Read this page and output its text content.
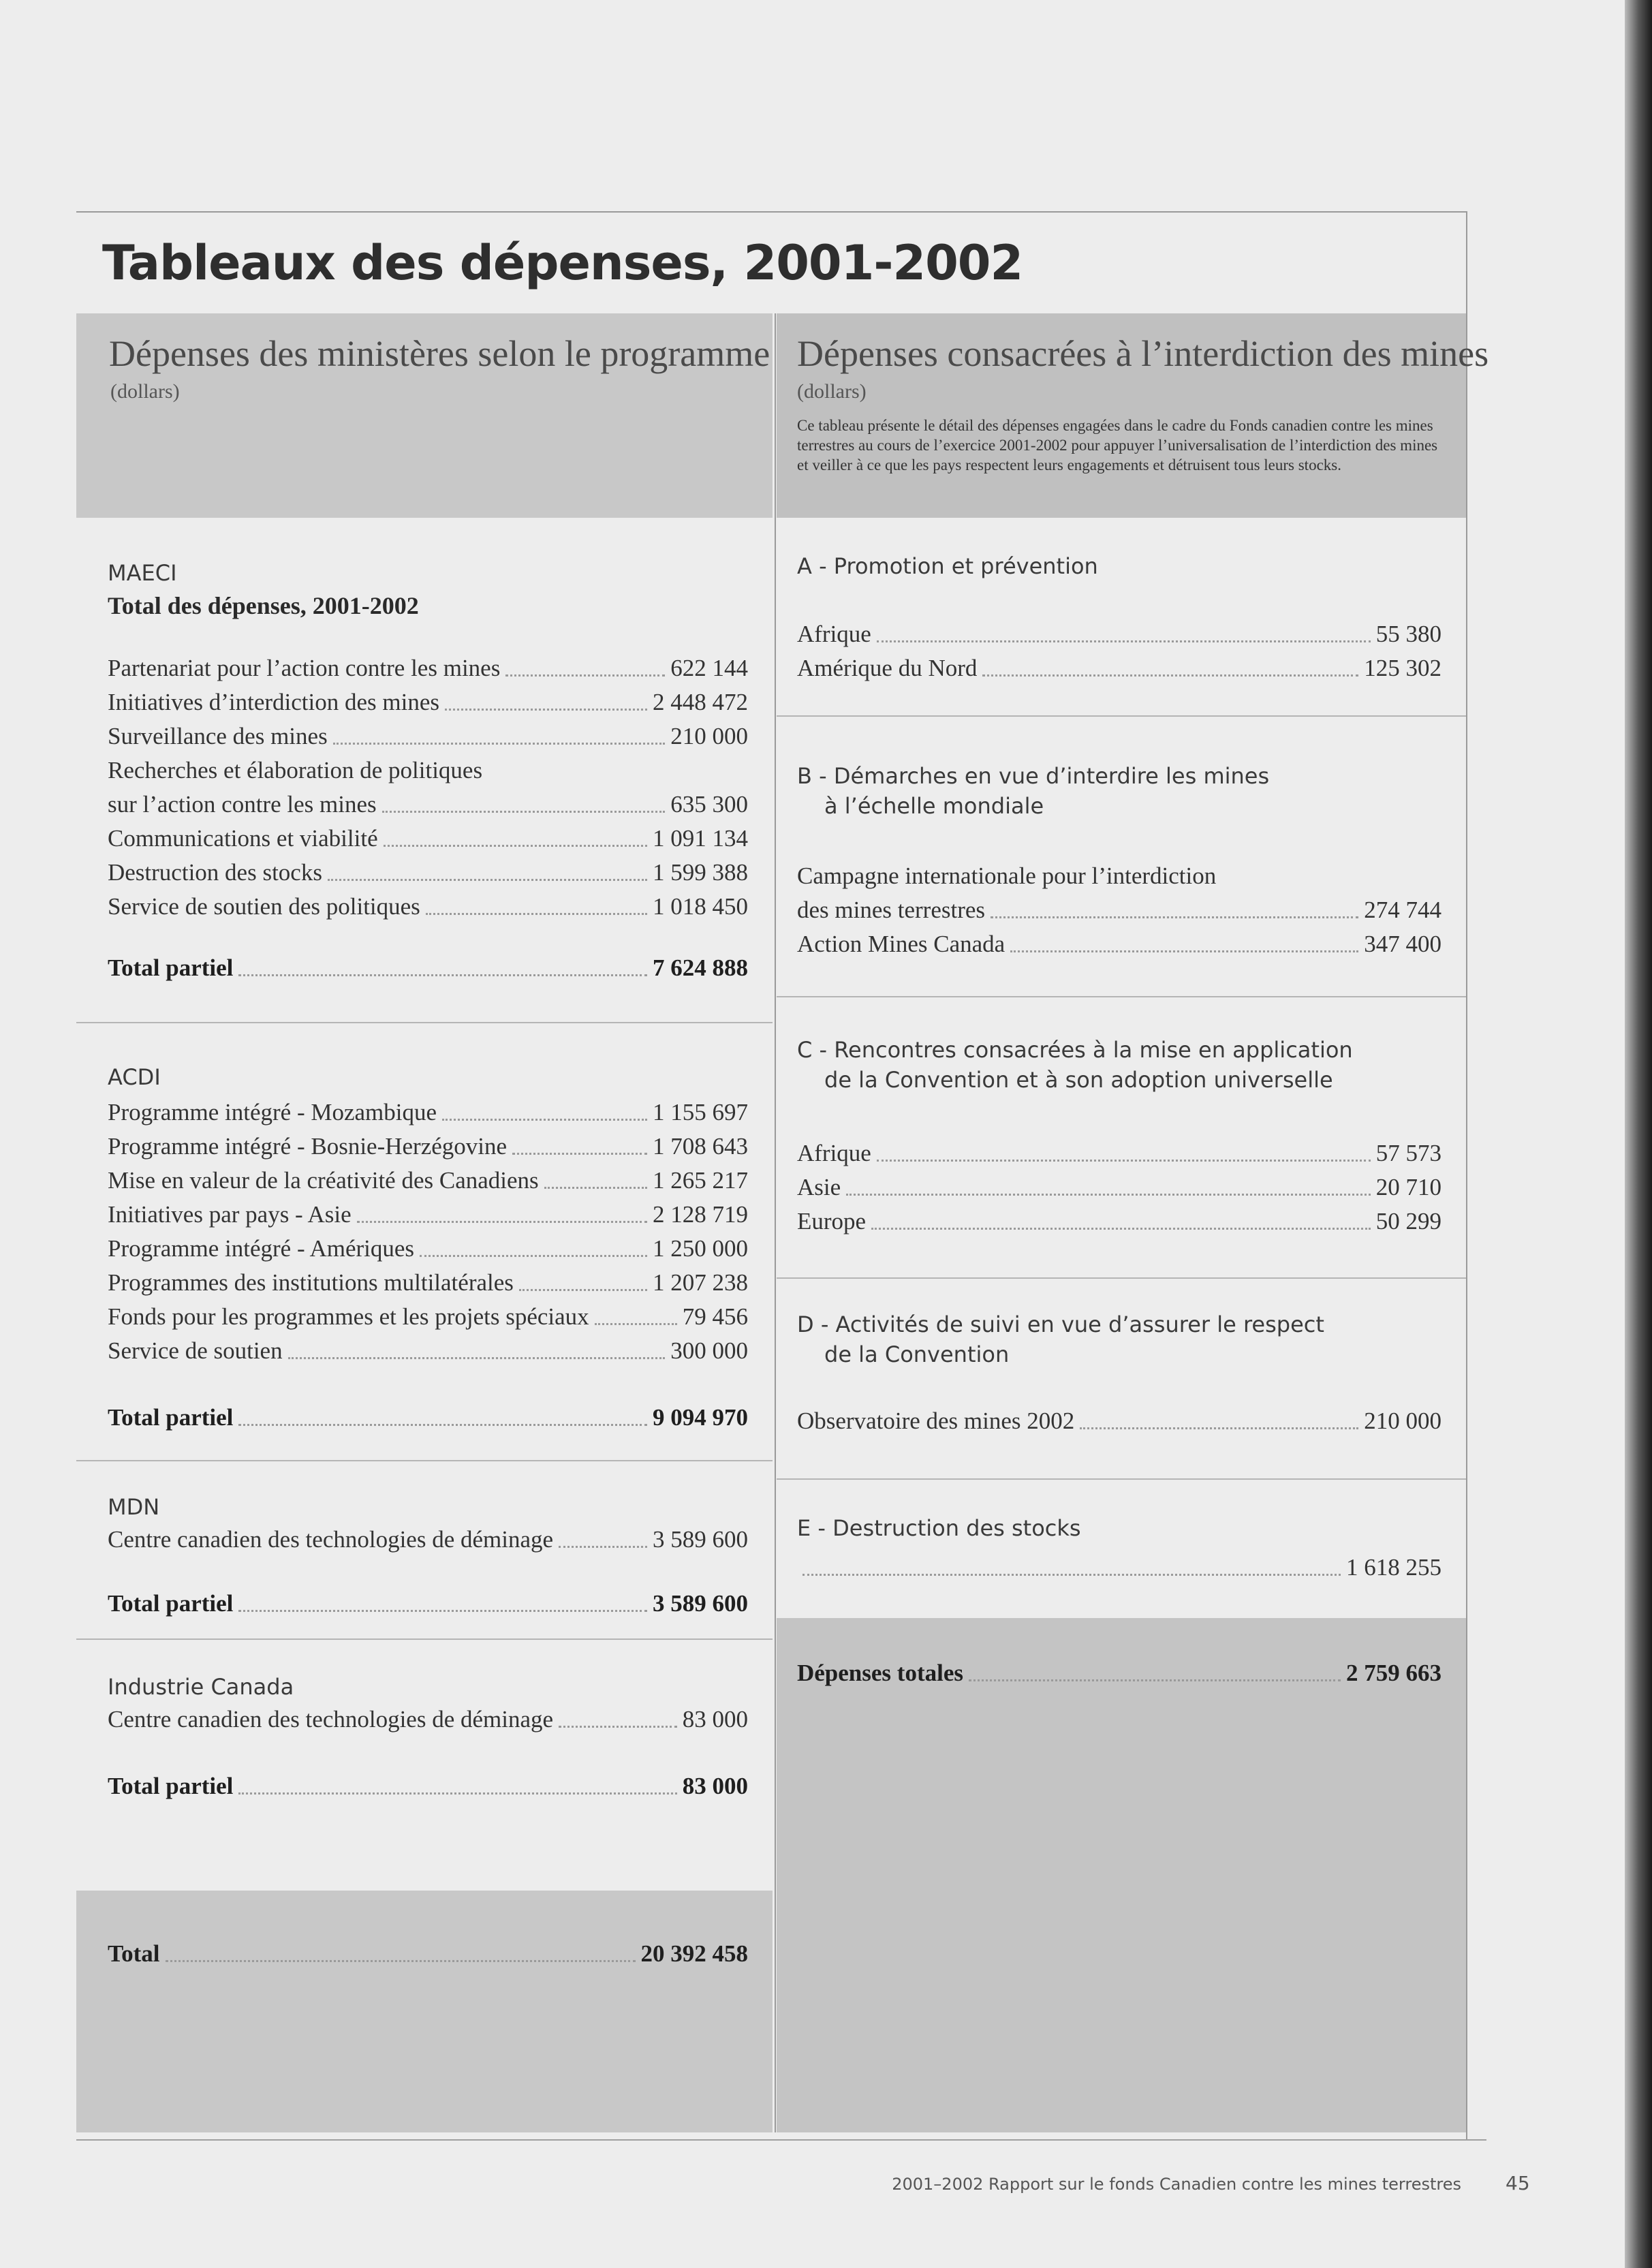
Tableaux des dépenses, 2001-2002
Dépenses des ministères selon le programme
(dollars)
Dépenses consacrées à l’interdiction des mines
(dollars)
Ce tableau présente le détail des dépenses engagées dans le cadre du Fonds canadien contre les mines terrestres au cours de l’exercice 2001-2002 pour appuyer l’universalisation de l’interdiction des mines et veiller à ce que les pays respectent leurs engagements et détruisent tous leurs stocks.
MAECI
Total des dépenses, 2001-2002
Partenariat pour l’action contre les mines	622 144
Initiatives d’interdiction des mines	2 448 472
Surveillance des mines	210 000
Recherches et élaboration de politiques
sur l’action contre les mines	635 300
Communications et viabilité	1 091 134
Destruction des stocks	1 599 388
Service de soutien des politiques	1 018 450
Total partiel	7 624 888
ACDI
Programme intégré - Mozambique	1 155 697
Programme intégré - Bosnie-Herzégovine	1 708 643
Mise en valeur de la créativité des Canadiens	1 265 217
Initiatives par pays - Asie	2 128 719
Programme intégré - Amériques	1 250 000
Programmes des institutions multilatérales	1 207 238
Fonds pour les programmes et les projets spéciaux	79 456
Service de soutien	300 000
Total partiel	9 094 970
MDN
Centre canadien des technologies de déminage	3 589 600
Total partiel	3 589 600
Industrie Canada
Centre canadien des technologies de déminage	83 000
Total partiel	83 000
Total	20 392 458
A - Promotion et prévention
Afrique	55 380
Amérique du Nord	125 302
B - Démarches en vue d’interdire les mines
à l’échelle mondiale
Campagne internationale pour l’interdiction
des mines terrestres	274 744
Action Mines Canada	347 400
C - Rencontres consacrées à la mise en application
de la Convention et à son adoption universelle
Afrique	57 573
Asie	20 710
Europe	50 299
D - Activités de suivi en vue d’assurer le respect
de la Convention
Observatoire des mines 2002	210 000
E - Destruction des stocks
1 618 255
Dépenses totales	2 759 663
2001–2002 Rapport sur le fonds Canadien contre les mines terrestres 45
